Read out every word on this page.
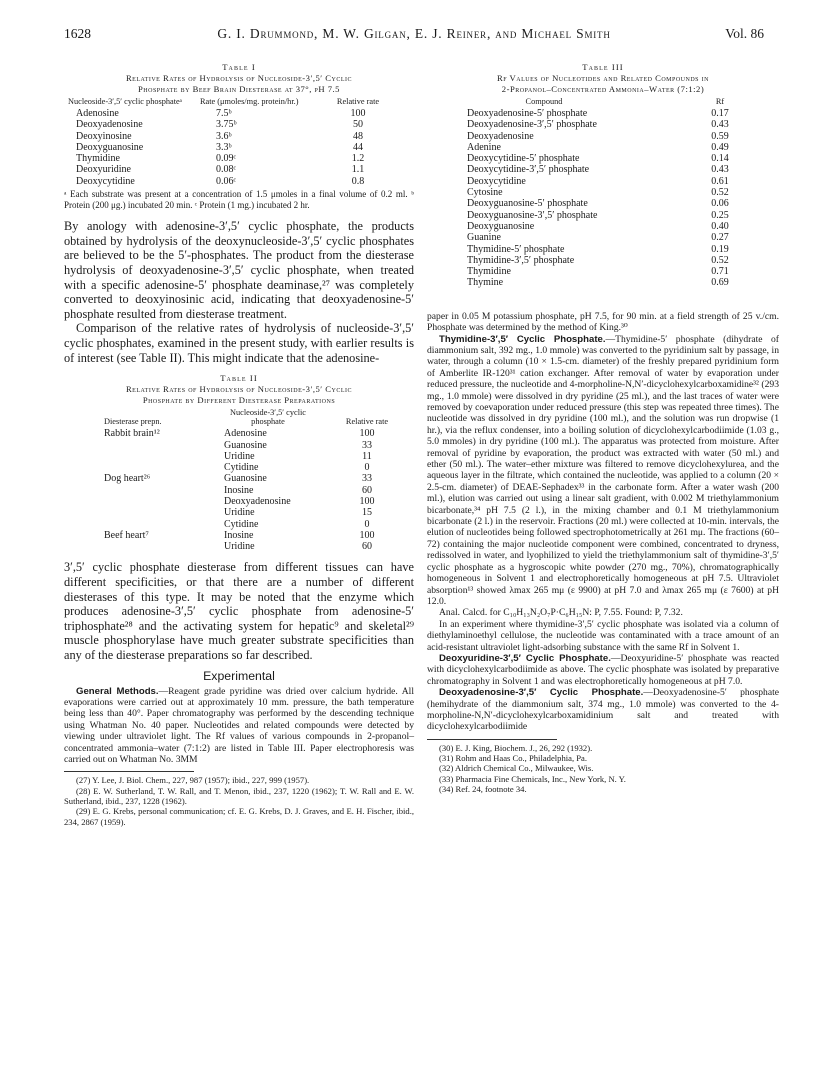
1628	G. I. Drummond, M. W. Gilgan, E. J. Reiner, and Michael Smith	Vol. 86
Table I
Relative Rates of Hydrolysis of Nucleoside-3′,5′ Cyclic
Phosphate by Beef Brain Diesterase at 37°, pH 7.5
Nucleoside-3′,5′ cyclic phosphateᵃ	Rate (μmoles/mg. protein/hr.)	Relative rate
Adenosine	7.5ᵇ	100
Deoxyadenosine	3.75ᵇ	50
Deoxyinosine	3.6ᵇ	48
Deoxyguanosine	3.3ᵇ	44
Thymidine	0.09ᶜ	1.2
Deoxyuridine	0.08ᶜ	1.1
Deoxycytidine	0.06ᶜ	0.8
ᵃ Each substrate was present at a concentration of 1.5 μmoles in a final volume of 0.2 ml. ᵇ Protein (200 μg.) incubated 20 min. ᶜ Protein (1 mg.) incubated 2 hr.

By anology with adenosine-3′,5′ cyclic phosphate, the products obtained by hydrolysis of the deoxynucleoside-3′,5′ cyclic phosphates are believed to be the 5′-phosphates. The product from the diesterase hydrolysis of deoxyadenosine-3′,5′ cyclic phosphate, when treated with a specific adenosine-5′ phosphate deaminase,²⁷ was completely converted to deoxyinosinic acid, indicating that deoxyadenosine-5′ phosphate resulted from diesterase treatment.

Comparison of the relative rates of hydrolysis of nucleoside-3′,5′ cyclic phosphates, examined in the present study, with earlier results is of interest (see Table II). This might indicate that the adenosine-

Table II
Relative Rates of Hydrolysis of Nucleoside-3′,5′ Cyclic
Phosphate by Different Diesterase Preparations
Diesterase prepn.	Nucleoside-3′,5′ cyclic phosphate	Relative rate
Rabbit brain¹²	Adenosine	100
	Guanosine	33
	Uridine	11
	Cytidine	0
Dog heart²⁶	Guanosine	33
	Inosine	60
	Deoxyadenosine	100
	Uridine	15
	Cytidine	0
Beef heart⁷	Inosine	100
	Uridine	60

3′,5′ cyclic phosphate diesterase from different tissues can have different specificities, or that there are a number of different diesterases of this type. It may be noted that the enzyme which produces adenosine-3′,5′ cyclic phosphate from adenosine-5′ triphosphate²⁸ and the activating system for hepatic⁹ and skeletal²⁹ muscle phosphorylase have much greater substrate specificities than any of the diesterase preparations so far described.

Experimental

General Methods.—Reagent grade pyridine was dried over calcium hydride. All evaporations were carried out at approximately 10 mm. pressure, the bath temperature being less than 40°. Paper chromatography was performed by the descending technique using Whatman No. 40 paper. Nucleotides and related compounds were detected by viewing under ultraviolet light. The Rf values of various compounds in 2-propanol–concentrated ammonia–water (7:1:2) are listed in Table III. Paper electrophoresis was carried out on Whatman No. 3MM

(27) Y. Lee, J. Biol. Chem., 227, 987 (1957); ibid., 227, 999 (1957).
(28) E. W. Sutherland, T. W. Rall, and T. Menon, ibid., 237, 1220 (1962); T. W. Rall and E. W. Sutherland, ibid., 237, 1228 (1962).
(29) E. G. Krebs, personal communication; cf. E. G. Krebs, D. J. Graves, and E. H. Fischer, ibid., 234, 2867 (1959).
Table III
Rf Values of Nucleotides and Related Compounds in
2-Propanol–Concentrated Ammonia–Water (7:1:2)
Compound	Rf
Deoxyadenosine-5′ phosphate	0.17
Deoxyadenosine-3′,5′ phosphate	0.43
Deoxyadenosine	0.59
Adenine	0.49
Deoxycytidine-5′ phosphate	0.14
Deoxycytidine-3′,5′ phosphate	0.43
Deoxycytidine	0.61
Cytosine	0.52
Deoxyguanosine-5′ phosphate	0.06
Deoxyguanosine-3′,5′ phosphate	0.25
Deoxyguanosine	0.40
Guanine	0.27
Thymidine-5′ phosphate	0.19
Thymidine-3′,5′ phosphate	0.52
Thymidine	0.71
Thymine	0.69

paper in 0.05 M potassium phosphate, pH 7.5, for 90 min. at a field strength of 25 v./cm. Phosphate was determined by the method of King.³⁰

Thymidine-3′,5′ Cyclic Phosphate.—Thymidine-5′ phosphate (dihydrate of diammonium salt, 392 mg., 1.0 mmole) was converted to the pyridinium salt by passage, in water, through a column (10 × 1.5-cm. diameter) of the freshly prepared pyridinium form of Amberlite IR-120³¹ cation exchanger. After removal of water by evaporation under reduced pressure, the nucleotide and 4-morpholine-N,N′-dicyclohexylcarboxamidine³² (293 mg., 1.0 mmole) were dissolved in dry pyridine (25 ml.), and the last traces of water were removed by coevaporation under reduced pressure (this step was repeated three times). The nucleotide was dissolved in dry pyridine (100 ml.), and the solution was run dropwise (1 hr.), via the reflux condenser, into a boiling solution of dicyclohexylcarbodiimide (1.03 g., 5.0 mmoles) in dry pyridine (100 ml.). The apparatus was protected from moisture. After removal of pyridine by evaporation, the product was extracted with water (50 ml.) and ether (50 ml.). The water–ether mixture was filtered to remove dicyclohexylurea, and the aqueous layer in the filtrate, which contained the nucleotide, was applied to a column (20 × 2.5-cm. diameter) of DEAE-Sephadex³³ in the carbonate form. After a water wash (200 ml.), elution was carried out using a linear salt gradient, with 0.002 M triethylammonium bicarbonate,³⁴ pH 7.5 (2 l.), in the mixing chamber and 0.1 M triethylammonium bicarbonate (2 l.) in the reservoir. Fractions (20 ml.) were collected at 10-min. intervals, the elution of nucleotides being followed spectrophotometrically at 261 mμ. The fractions (60–72) containing the major nucleotide component were combined, concentrated to dryness, redissolved in water, and lyophilized to yield the triethylammonium salt of thymidine-3′,5′ cyclic phosphate as a hygroscopic white powder (270 mg., 70%), chromatographically homogeneous in Solvent 1 and electrophoretically homogeneous at pH 7.5. Ultraviolet absorption¹³ showed λmax 265 mμ (ε 9900) at pH 7.0 and λmax 265 mμ (ε 7600) at pH 12.0.

Anal. Calcd. for C₁₀H₁₃N₂O₇P·C₆H₁₅N: P, 7.55. Found: P, 7.32.

In an experiment where thymidine-3′,5′ cyclic phosphate was isolated via a column of diethylaminoethyl cellulose, the nucleotide was contaminated with a trace amount of an acid-resistant ultraviolet light-adsorbing substance with the same Rf in Solvent 1.

Deoxyuridine-3′,5′ Cyclic Phosphate.—Deoxyuridine-5′ phosphate was reacted with dicyclohexylcarbodiimide as above. The cyclic phosphate was isolated by preparative chromatography in Solvent 1 and was electrophoretically homogeneous at pH 7.0.

Deoxyadenosine-3′,5′ Cyclic Phosphate.—Deoxyadenosine-5′ phosphate (hemihydrate of the diammonium salt, 374 mg., 1.0 mmole) was converted to the 4-morpholine-N,N′-dicyclohexylcarboxamidinium salt and treated with dicyclohexylcarbodiimide

(30) E. J. King, Biochem. J., 26, 292 (1932).
(31) Rohm and Haas Co., Philadelphia, Pa.
(32) Aldrich Chemical Co., Milwaukee, Wis.
(33) Pharmacia Fine Chemicals, Inc., New York, N. Y.
(34) Ref. 24, footnote 34.
